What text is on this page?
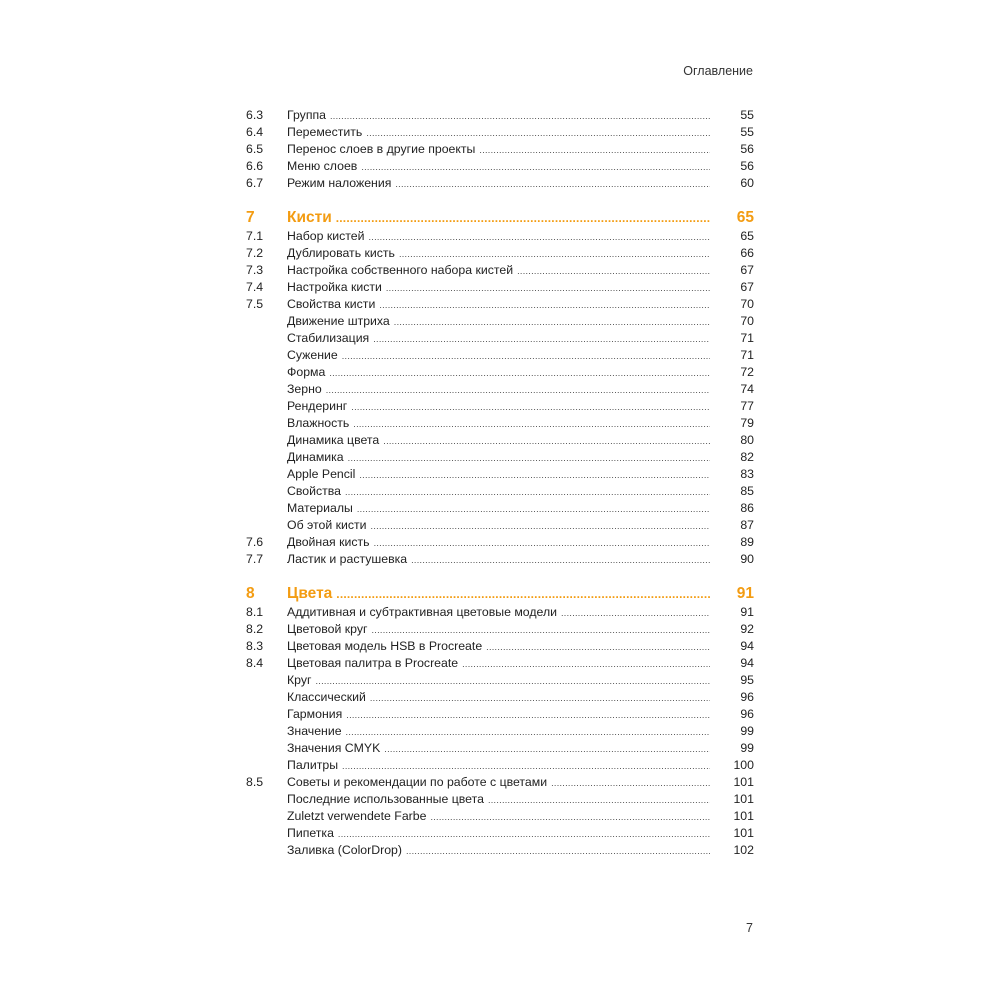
Оглавление
6.3	Группа .....	55
6.4	Переместить .....	55
6.5	Перенос слоев в другие проекты .....	56
6.6	Меню слоев .....	56
6.7	Режим наложения .....	60
7	Кисти .....	65
7.1	Набор кистей .....	65
7.2	Дублировать кисть .....	66
7.3	Настройка собственного набора кистей .....	67
7.4	Настройка кисти .....	67
7.5	Свойства кисти .....	70
Движение штриха .....	70
Стабилизация .....	71
Сужение .....	71
Форма .....	72
Зерно .....	74
Рендеринг .....	77
Влажность .....	79
Динамика цвета .....	80
Динамика .....	82
Apple Pencil .....	83
Свойства .....	85
Материалы .....	86
Об этой кисти .....	87
7.6	Двойная кисть .....	89
7.7	Ластик и растушевка .....	90
8	Цвета .....	91
8.1	Аддитивная и субтрактивная цветовые модели .....	91
8.2	Цветовой круг .....	92
8.3	Цветовая модель HSB в Procreate .....	94
8.4	Цветовая палитра в Procreate .....	94
Круг .....	95
Классический .....	96
Гармония .....	96
Значение .....	99
Значения CMYK .....	99
Палитры .....	100
8.5	Советы и рекомендации по работе с цветами .....	101
Последние использованные цвета .....	101
Zuletzt verwendete Farbe .....	101
Пипетка .....	101
Заливка (ColorDrop) .....	102
7
